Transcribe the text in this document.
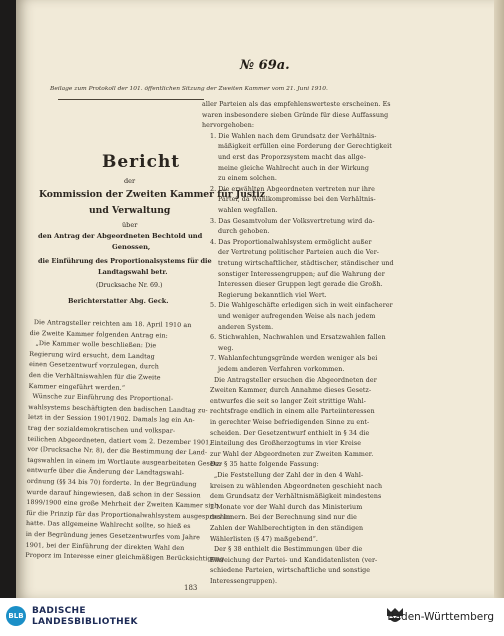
№ 69a.
Beilage zum Protokoll der 101. öffentlichen Sitzung der Zweiten Kammer vom 21. Juni 1910.
Bericht
der
Kommission der Zweiten Kammer für Justiz
und Verwaltung
über
den Antrag der Abgeordneten Bechtold und
Genossen,
die Einführung des Proportionalsystems für die
Landtagswahl betr.
(Drucksache Nr. 69.)
Berichterstatter Abg. Geck.
Die Antragsteller reichten am 18. April 1910 an
die Zweite Kammer folgenden Antrag ein:
„Die Kammer wolle beschließen: Die
Regierung wird ersucht, dem Landtag
einen Gesetzentwurf vorzulegen, durch
den die Verhältniswahlen für die Zweite
Kammer eingeführt werden.“
Wünsche zur Einführung des Proportional-
wahlsystems beschäftigten den badischen Landtag zu-
letzt in der Session 1901/1902. Damals lag ein An-
trag der sozialdemokratischen und volkspar-
teilichen Abgeordneten, datiert vom 2. Dezember 1901,
vor (Drucksache Nr. 8), der die Bestimmung der Land-
tagswahlen in einem im Wortlaute ausgearbeiteten Gesetz-
entwurfe über die Änderung der Landtagswahl-
ordnung (§§ 34 bis 70) forderte. In der Begründung
wurde darauf hingewiesen, daß schon in der Session
1899/1900 eine große Mehrheit der Zweiten Kammer sich
für die Prinzip für das Proportionalwahlsystem ausgesprochen
hatte. Das allgemeine Wahlrecht sollte, so hieß es
in der Begründung jenes Gesetzentwurfes vom Jahre
1901, bei der Einführung der direkten Wahl den
Proporz im Interesse einer gleichmäßigen Berücksichtigung
aller Parteien als das empfehlenswerteste erscheinen. Es
waren insbesondere sieben Gründe für diese Auffassung
hervorgehoben:
1. Die Wahlen nach dem Grundsatz der Verhältnis-
mäßigkeit erfüllen eine Forderung der Gerechtigkeit
und erst das Proporzsystem macht das allge-
meine gleiche Wahlrecht auch in der Wirkung
zu einem solchen.
2. Die erwählten Abgeordneten vertreten nur ihre
Partei, da Wahlkompromisse bei den Verhältnis-
wahlen wegfallen.
3. Das Gesamtvolum der Volksvertretung wird da-
durch gehoben.
4. Das Proportionalwahlsystem ermöglicht außer
der Vertretung politischer Parteien auch die Ver-
tretung wirtschaftlicher, städtischer, ständischer und
sonstiger Interessengruppen; auf die Wahrung der
Interessen dieser Gruppen legt gerade die Großh.
Regierung bekanntlich viel Wert.
5. Die Wahlgeschäfte erledigen sich in weit einfacherer
und weniger aufregenden Weise als nach jedem
anderen System.
6. Stichwahlen, Nachwahlen und Ersatzwahlen fallen
weg.
7. Wahlanfechtungsgründe werden weniger als bei
jedem anderen Verfahren vorkommen.
Die Antragsteller ersuchen die Abgeordneten der
Zweiten Kammer, durch Annahme dieses Gesetz-
entwurfes die seit so langer Zeit strittige Wahl-
rechtsfrage endlich in einem alle Parteiinteressen
in gerechter Weise befriedigenden Sinne zu ent-
scheiden. Der Gesetzentwurf enthielt in § 34 die
Einteilung des Großherzogtums in vier Kreise
zur Wahl der Abgeordneten zur Zweiten Kammer.
Der § 35 hatte folgende Fassung:
„Die Feststellung der Zahl der in den 4 Wahl-
kreisen zu wählenden Abgeordneten geschieht nach
dem Grundsatz der Verhältnismäßigkeit mindestens
2 Monate vor der Wahl durch das Ministerium
des Innern. Bei der Berechnung sind nur die
Zahlen der Wahlberechtigten in den ständigen
Wählerlisten (§ 47) maßgebend“.
Der § 38 enthielt die Bestimmungen über die
Einreichung der Partei- und Kandidatenlisten (ver-
schiedene Parteien, wirtschaftliche und sonstige
Interessengruppen).
183
BLB BADISCHE
LANDESBIBLIOTHEK	Baden-Württemberg
